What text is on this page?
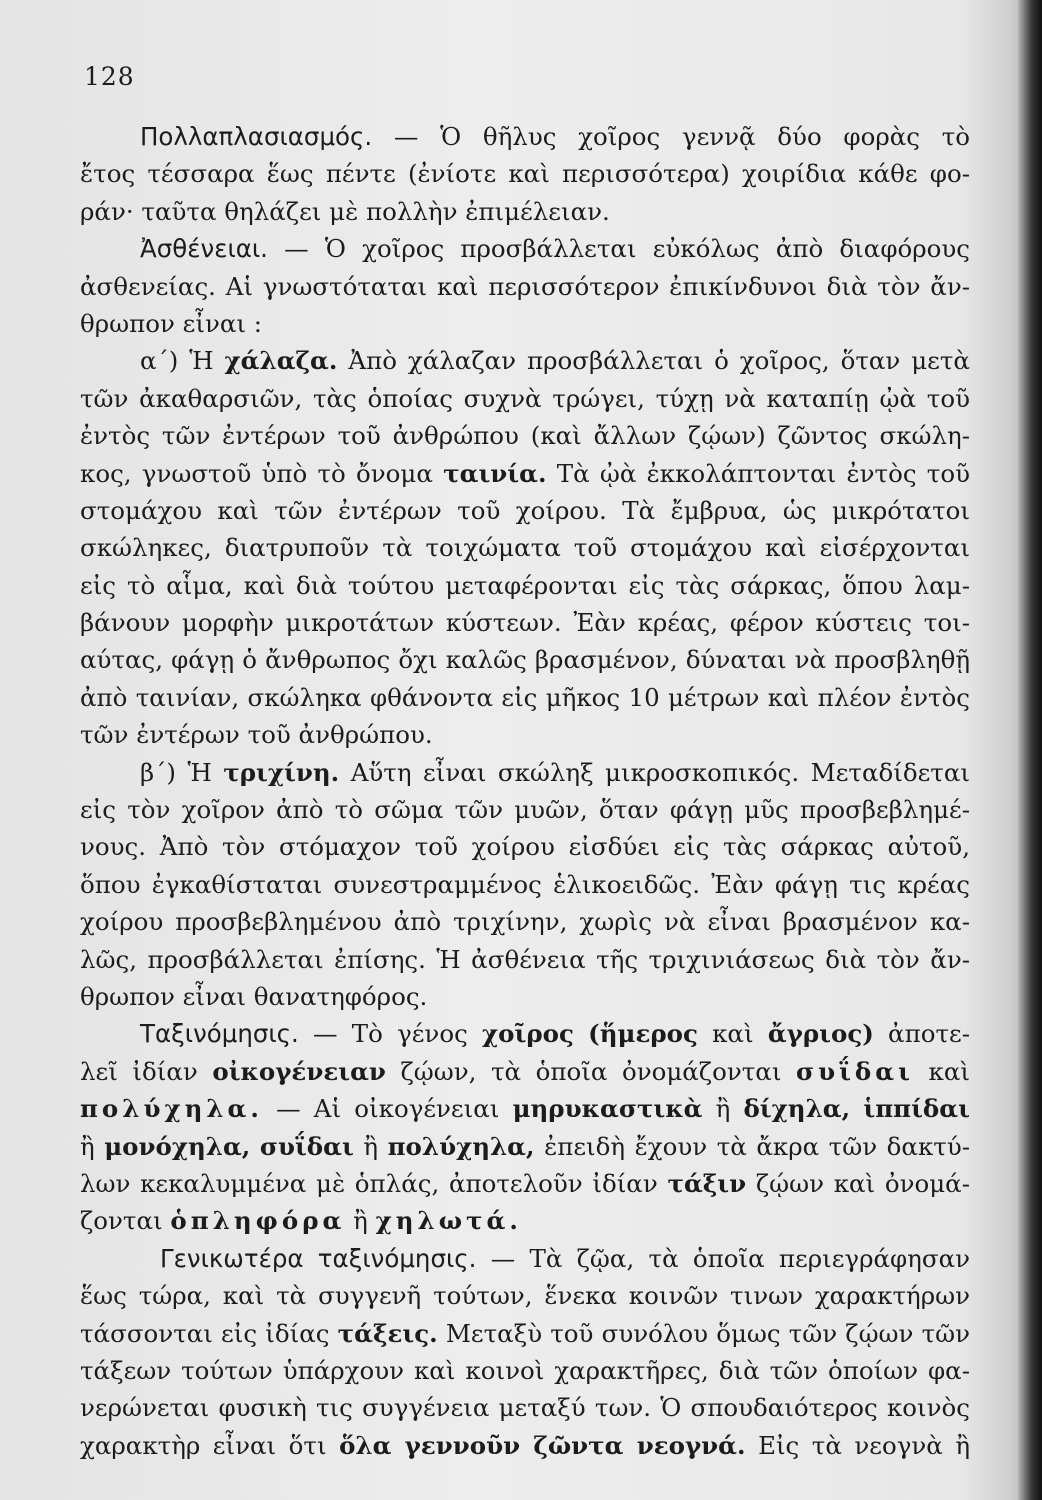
128
Πολλαπλασιασμός. — Ὁ θῆλυς χοῖρος γεννᾷ δύο φορὰς τὸ
ἔτος τέσσαρα ἕως πέντε (ἐνίοτε καὶ περισσότερα) χοιρίδια κάθε φο-
ράν· ταῦτα θηλάζει μὲ πολλὴν ἐπιμέλειαν.
Ἀσθένειαι. — Ὁ χοῖρος προσβάλλεται εὐκόλως ἀπὸ διαφόρους
ἀσθενείας. Αἱ γνωστόταται καὶ περισσότερον ἐπικίνδυνοι διὰ τὸν ἄν-
θρωπον εἶναι :
α΄) Ἡ χάλαζα. Ἀπὸ χάλαζαν προσβάλλεται ὁ χοῖρος, ὅταν μετὰ
τῶν ἀκαθαρσιῶν, τὰς ὁποίας συχνὰ τρώγει, τύχῃ νὰ καταπίῃ ᾠὰ τοῦ
ἐντὸς τῶν ἐντέρων τοῦ ἀνθρώπου (καὶ ἄλλων ζῴων) ζῶντος σκώλη-
κος, γνωστοῦ ὑπὸ τὸ ὄνομα ταινία. Τὰ ᾠὰ ἐκκολάπτονται ἐντὸς τοῦ
στομάχου καὶ τῶν ἐντέρων τοῦ χοίρου. Τὰ ἔμβρυα, ὡς μικρότατοι
σκώληκες, διατρυποῦν τὰ τοιχώματα τοῦ στομάχου καὶ εἰσέρχονται
εἰς τὸ αἷμα, καὶ διὰ τούτου μεταφέρονται εἰς τὰς σάρκας, ὅπου λαμ-
βάνουν μορφὴν μικροτάτων κύστεων. Ἐὰν κρέας, φέρον κύστεις τοι-
αύτας, φάγῃ ὁ ἄνθρωπος ὄχι καλῶς βρασμένον, δύναται νὰ προσβληθῇ
ἀπὸ ταινίαν, σκώληκα φθάνοντα εἰς μῆκος 10 μέτρων καὶ πλέον ἐντὸς
τῶν ἐντέρων τοῦ ἀνθρώπου.
β΄) Ἡ τριχίνη. Αὕτη εἶναι σκώληξ μικροσκοπικός. Μεταδίδεται
εἰς τὸν χοῖρον ἀπὸ τὸ σῶμα τῶν μυῶν, ὅταν φάγῃ μῦς προσβεβλημέ-
νους. Ἀπὸ τὸν στόμαχον τοῦ χοίρου εἰσδύει εἰς τὰς σάρκας αὐτοῦ,
ὅπου ἐγκαθίσταται συνεστραμμένος ἑλικοειδῶς. Ἐὰν φάγῃ τις κρέας
χοίρου προσβεβλημένου ἀπὸ τριχίνην, χωρὶς νὰ εἶναι βρασμένον κα-
λῶς, προσβάλλεται ἐπίσης. Ἡ ἀσθένεια τῆς τριχινιάσεως διὰ τὸν ἄν-
θρωπον εἶναι θανατηφόρος.
Ταξινόμησις. — Τὸ γένος χοῖρος (ἥμερος καὶ ἄγριος) ἀποτε-
λεῖ ἰδίαν οἰκογένειαν ζῴων, τὰ ὁποῖα ὀνομάζονται συΐδαι καὶ
πολύχηλα. — Αἱ οἰκογένειαι μηρυκαστικὰ ἢ δίχηλα, ἱππίδαι
ἢ μονόχηλα, συΐδαι ἢ πολύχηλα, ἐπειδὴ ἔχουν τὰ ἄκρα τῶν δακτύ-
λων κεκαλυμμένα μὲ ὁπλάς, ἀποτελοῦν ἰδίαν τάξιν ζῴων καὶ ὀνομά-
ζονται ὁπληφόρα ἢ χηλωτά.
Γενικωτέρα ταξινόμησις. — Τὰ ζῷα, τὰ ὁποῖα περιεγράφησαν
ἕως τώρα, καὶ τὰ συγγενῆ τούτων, ἕνεκα κοινῶν τινων χαρακτήρων
τάσσονται εἰς ἰδίας τάξεις. Μεταξὺ τοῦ συνόλου ὅμως τῶν ζῴων τῶν
τάξεων τούτων ὑπάρχουν καὶ κοινοὶ χαρακτῆρες, διὰ τῶν ὁποίων φα-
νερώνεται φυσικὴ τις συγγένεια μεταξύ των. Ὁ σπουδαιότερος κοινὸς
χαρακτὴρ εἶναι ὅτι ὅλα γεννοῦν ζῶντα νεογνά. Εἰς τὰ νεογνὰ ἢ
